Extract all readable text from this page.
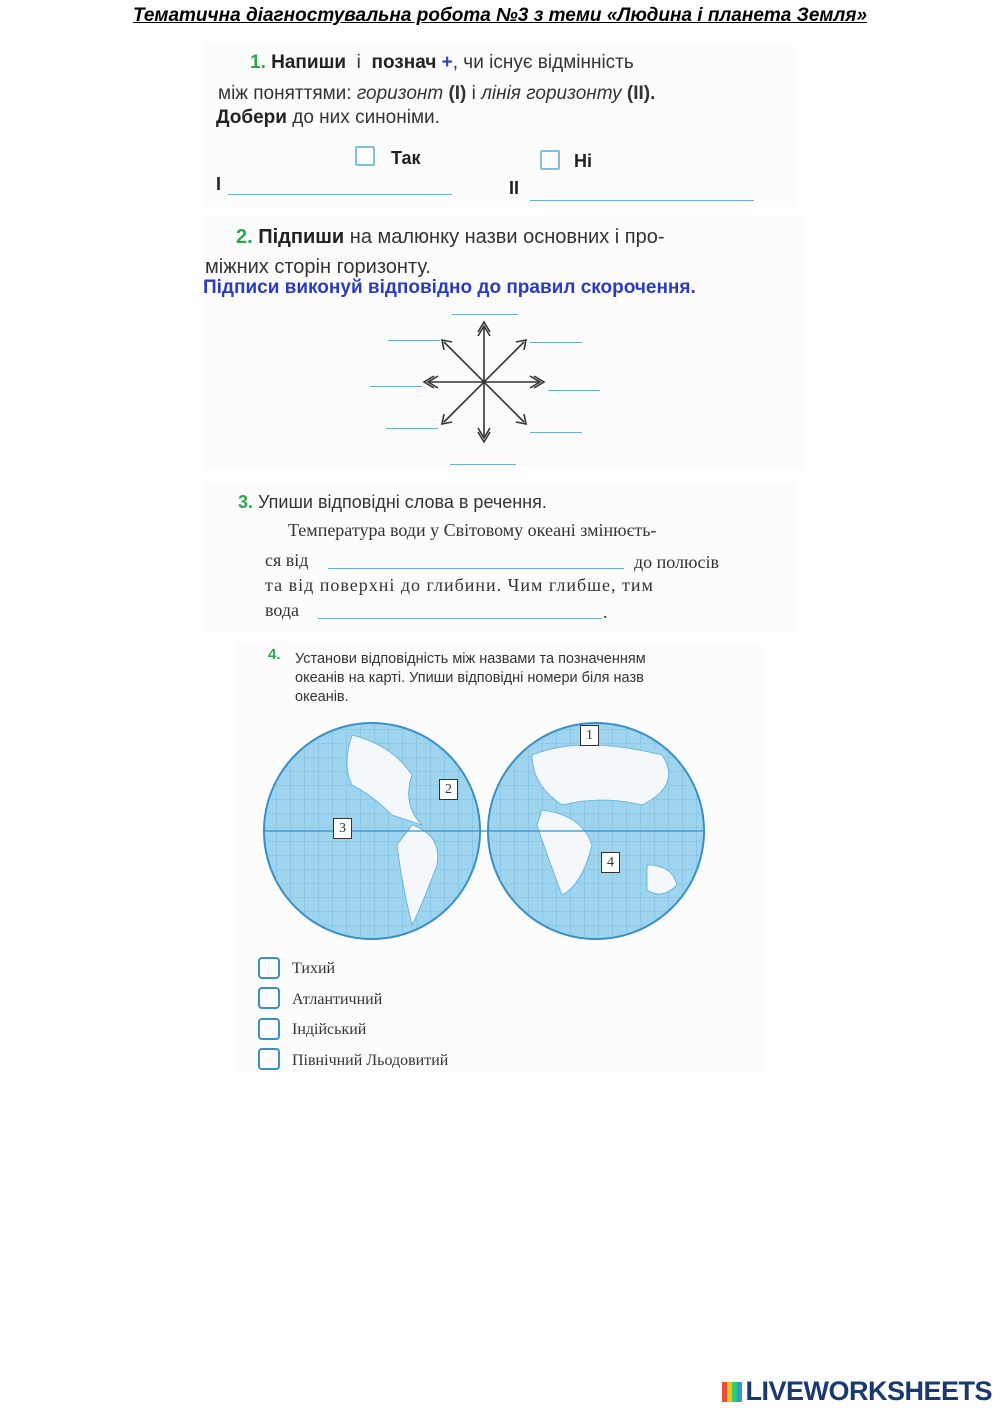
Тематична діагностувальна робота №3 з теми «Людина і планета Земля»
1. Напиши і познач +, чи існує відмінність
між поняттями: горизонт (І) і лінія горизонту (ІІ).
Добери до них синоніми.
Так	Ні
І	ІІ
2. Підпиши на малюнку назви основних і про-
міжних сторін горизонту.
Підписи виконуй відповідно до правил скорочення.
3. Упиши відповідні слова в речення.
Температура води у Світовому океані змінюєть-
ся від	до полюсів
та від поверхні до глибини. Чим глибше, тим
вода	.
4. Установи відповідність між назвами та позначенням
океанів на карті. Упиши відповідні номери біля назв
океанів.
1
2
3
4
Тихий
Атлантичний
Індійський
Північний Льодовитий
LIVEWORKSHEETS
